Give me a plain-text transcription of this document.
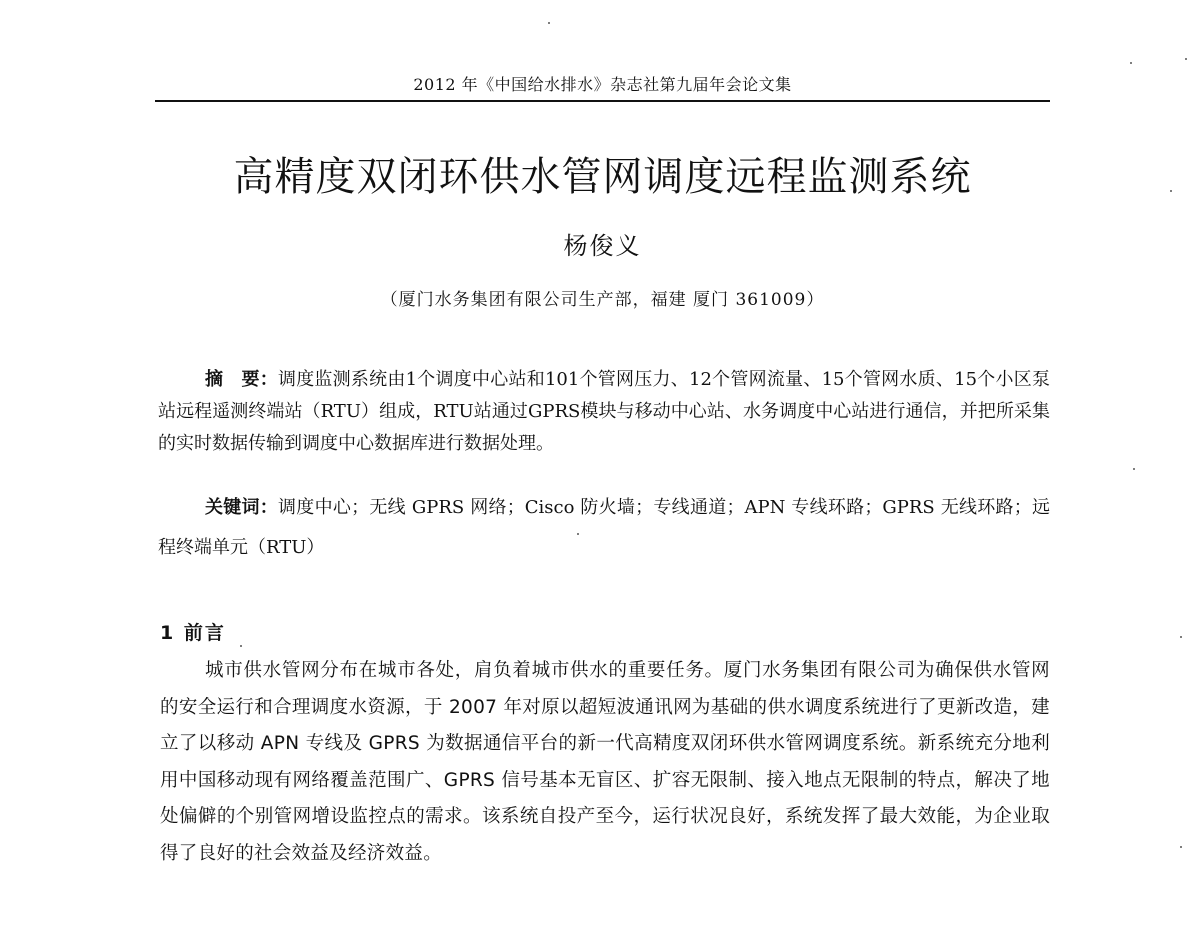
2012 年《中国给水排水》杂志社第九届年会论文集
高精度双闭环供水管网调度远程监测系统
杨俊义
（厦门水务集团有限公司生产部，福建 厦门 361009）

摘　要：调度监测系统由1个调度中心站和101个管网压力、12个管网流量、15个管网水质、15个小区泵站远程遥测终端站（RTU）组成，RTU站通过GPRS模块与移动中心站、水务调度中心站进行通信，并把所采集的实时数据传输到调度中心数据库进行数据处理。

关键词：调度中心；无线 GPRS 网络；Cisco 防火墙；专线通道；APN 专线环路；GPRS 无线环路；远程终端单元（RTU）

1 前言

城市供水管网分布在城市各处，肩负着城市供水的重要任务。厦门水务集团有限公司为确保供水管网的安全运行和合理调度水资源，于 2007 年对原以超短波通讯网为基础的供水调度系统进行了更新改造，建立了以移动 APN 专线及 GPRS 为数据通信平台的新一代高精度双闭环供水管网调度系统。新系统充分地利用中国移动现有网络覆盖范围广、GPRS 信号基本无盲区、扩容无限制、接入地点无限制的特点，解决了地处偏僻的个别管网增设监控点的需求。该系统自投产至今，运行状况良好，系统发挥了最大效能，为企业取得了良好的社会效益及经济效益。
